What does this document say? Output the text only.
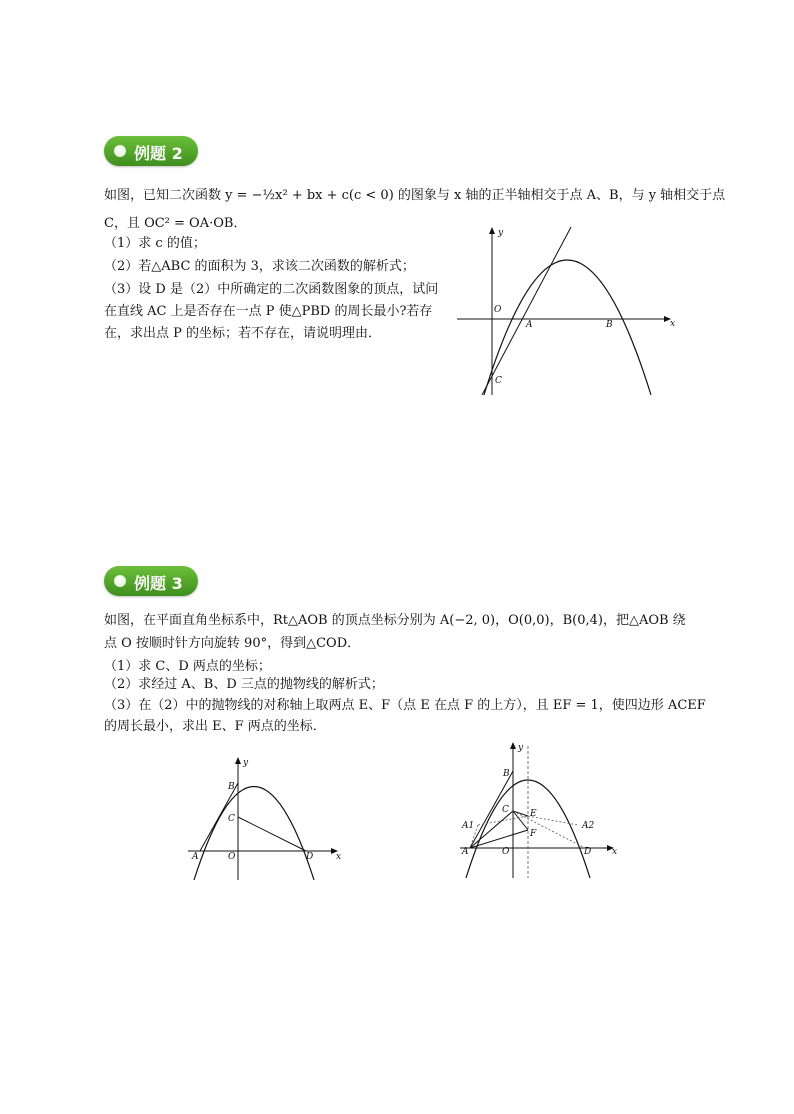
例题 2
如图，已知二次函数 y = −½x² + bx + c(c < 0) 的图象与 x 轴的正半轴相交于点 A、B，与 y 轴相交于点
C，且 OC² = OA·OB．
（1）求 c 的值；
（2）若△ABC 的面积为 3，求该二次函数的解析式；
（3）设 D 是（2）中所确定的二次函数图象的顶点，试问
在直线 AC 上是否存在一点 P 使△PBD 的周长最小?若存
在，求出点 P 的坐标；若不存在，请说明理由．
y
x
O
A	B
C
例题 3
如图，在平面直角坐标系中，Rt△AOB 的顶点坐标分别为 A(−2, 0)，O(0,0)，B(0,4)，把△AOB 绕
点 O 按顺时针方向旋转 90°，得到△COD．
（1）求 C、D 两点的坐标；
（2）求经过 A、B、D 三点的抛物线的解析式；
（3）在（2）中的抛物线的对称轴上取两点 E、F（点 E 在点 F 的上方），且 EF = 1，使四边形 ACEF
的周长最小，求出 E、F 两点的坐标．
y
x
B
C
A	O	D
y
x
B
C E
F
A1	A2
A	O	D
